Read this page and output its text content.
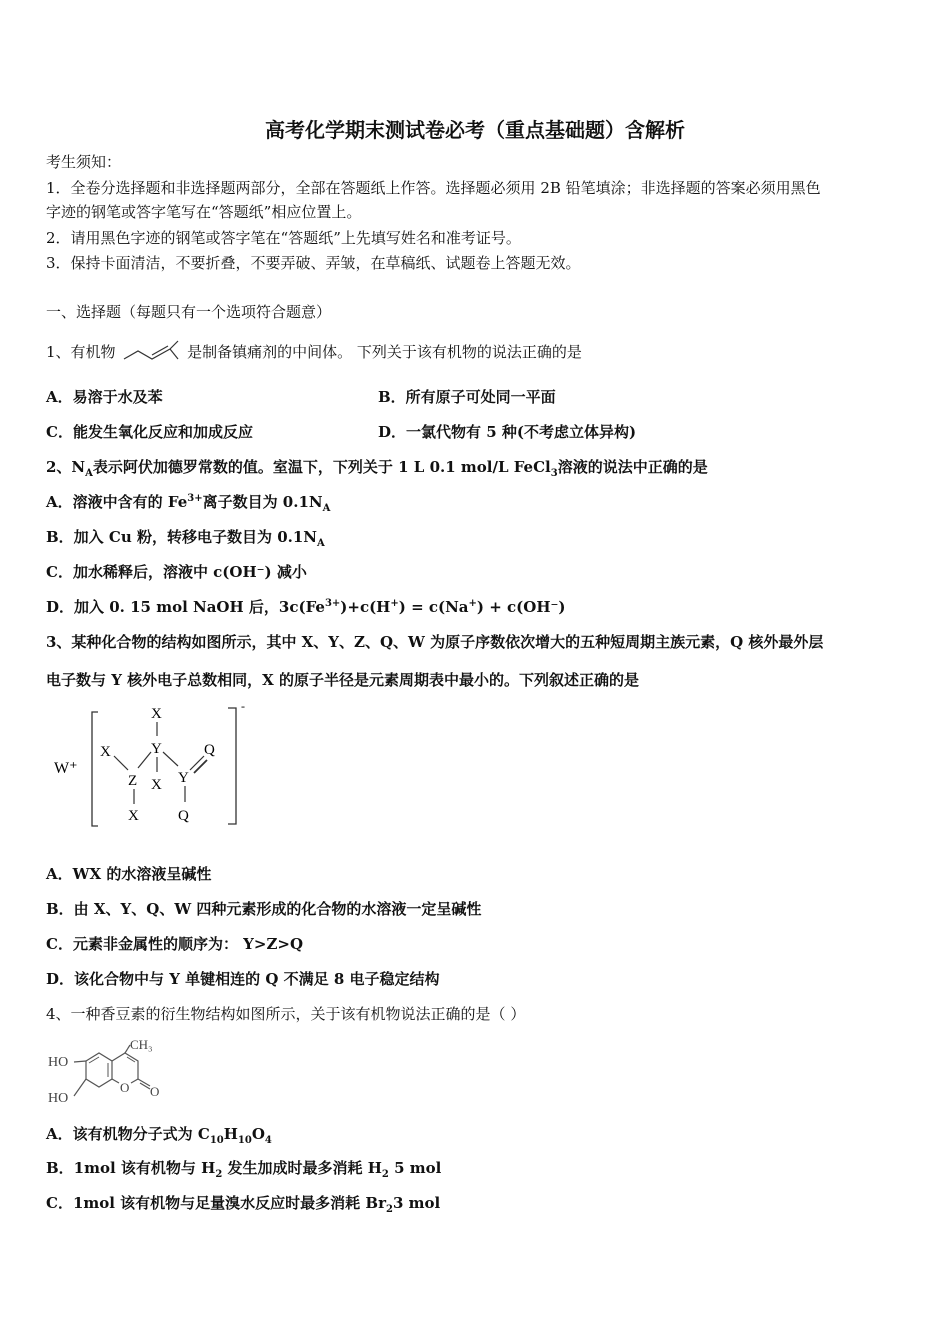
高考化学期末测试卷必考（重点基础题）含解析
考生须知：
1．全卷分选择题和非选择题两部分，全部在答题纸上作答。选择题必须用 2B 铅笔填涂；非选择题的答案必须用黑色
字迹的钢笔或答字笔写在“答题纸”相应位置上。
2．请用黑色字迹的钢笔或答字笔在“答题纸”上先填写姓名和准考证号。
3．保持卡面清洁，不要折叠，不要弄破、弄皱，在草稿纸、试题卷上答题无效。
一、选择题（每题只有一个选项符合题意）
1、有机物	是制备镇痛剂的中间体。 下列关于该有机物的说法正确的是
A．易溶于水及苯	B．所有原子可处同一平面
C．能发生氧化反应和加成反应	D．一氯代物有 5 种(不考虑立体异构)
2、$N_A$表示阿伏加德罗常数的值。室温下，下列关于 1 L 0.1 mol/L FeCl$_3$溶液的说法中正确的是
A．溶液中含有的 $Fe^{3+}$离子数目为 $0.1N_A$
B．加入 Cu 粉，转移电子数目为 $0.1N_A$
C．加水稀释后，溶液中 c(OH⁻) 减小
D．加入 0. 15 mol NaOH 后，$3c(Fe^{3+})+c(H^+) = c(Na^+) + c(OH^-)$
3、某种化合物的结构如图所示，其中 X、Y、Z、Q、W 为原子序数依次增大的五种短周期主族元素，Q 核外最外层
电子数与 Y 核外电子总数相同，X 的原子半径是元素周期表中最小的。下列叙述正确的是
W⁺
-
X
Y
X
Z
X
X Y
Q
Q
A．WX 的水溶液呈碱性
B．由 X、Y、Q、W 四种元素形成的化合物的水溶液一定呈碱性
C．元素非金属性的顺序为： Y>Z>Q
D．该化合物中与 Y 单键相连的 Q 不满足 8 电子稳定结构
4、一种香豆素的衍生物结构如图所示，关于该有机物说法正确的是（ ）
HO
HO
CH₃
O O
A．该有机物分子式为 $C_{10}H_{10}O_4$
B．1mol 该有机物与 $H_2$ 发生加成时最多消耗 $H_2$ 5 mol
C．1mol 该有机物与足量溴水反应时最多消耗 $Br_23$ mol
